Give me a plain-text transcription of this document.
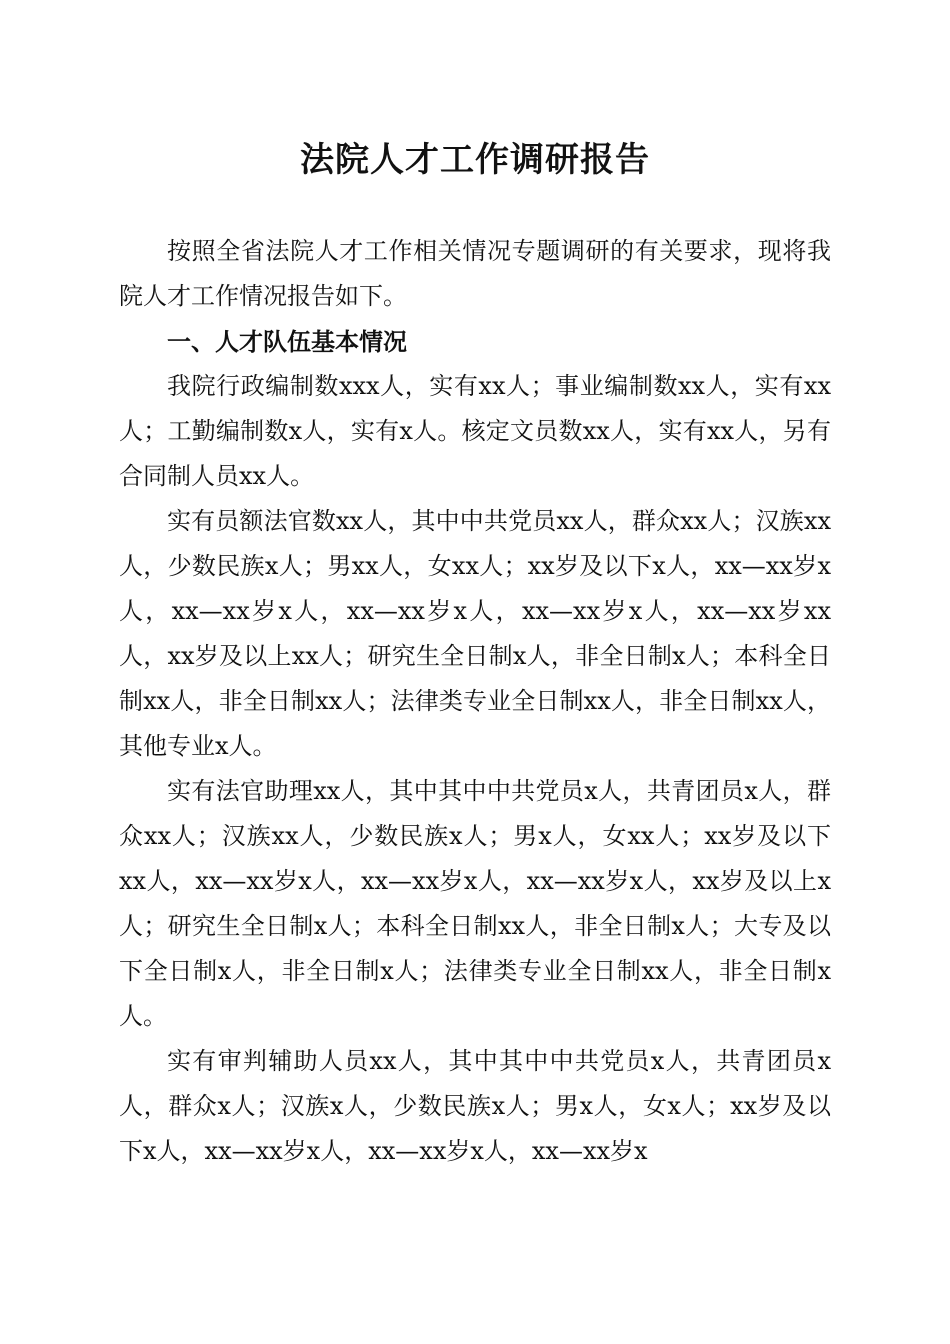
法院人才工作调研报告

按照全省法院人才工作相关情况专题调研的有关要求，现将我院人才工作情况报告如下。

一、人才队伍基本情况

我院行政编制数xxx人，实有xx人；事业编制数xx人，实有xx人；工勤编制数x人，实有x人。核定文员数xx人，实有xx人，另有合同制人员xx人。

实有员额法官数xx人，其中中共党员xx人，群众xx人；汉族xx人，少数民族x人；男xx人，女xx人；xx岁及以下x人，xx—xx岁x人，xx—xx岁x人，xx—xx岁x人，xx—xx岁x人，xx—xx岁xx人，xx岁及以上xx人；研究生全日制x人，非全日制x人；本科全日制xx人，非全日制xx人；法律类专业全日制xx人，非全日制xx人，其他专业x人。

实有法官助理xx人，其中其中中共党员x人，共青团员x人，群众xx人；汉族xx人，少数民族x人；男x人，女xx人；xx岁及以下xx人，xx—xx岁x人，xx—xx岁x人，xx—xx岁x人，xx岁及以上x人；研究生全日制x人；本科全日制xx人，非全日制x人；大专及以下全日制x人，非全日制x人；法律类专业全日制xx人，非全日制x人。

实有审判辅助人员xx人，其中其中中共党员x人，共青团员x人，群众x人；汉族x人，少数民族x人；男x人，女x人；xx岁及以下x人，xx—xx岁x人，xx—xx岁x人，xx—xx岁x
